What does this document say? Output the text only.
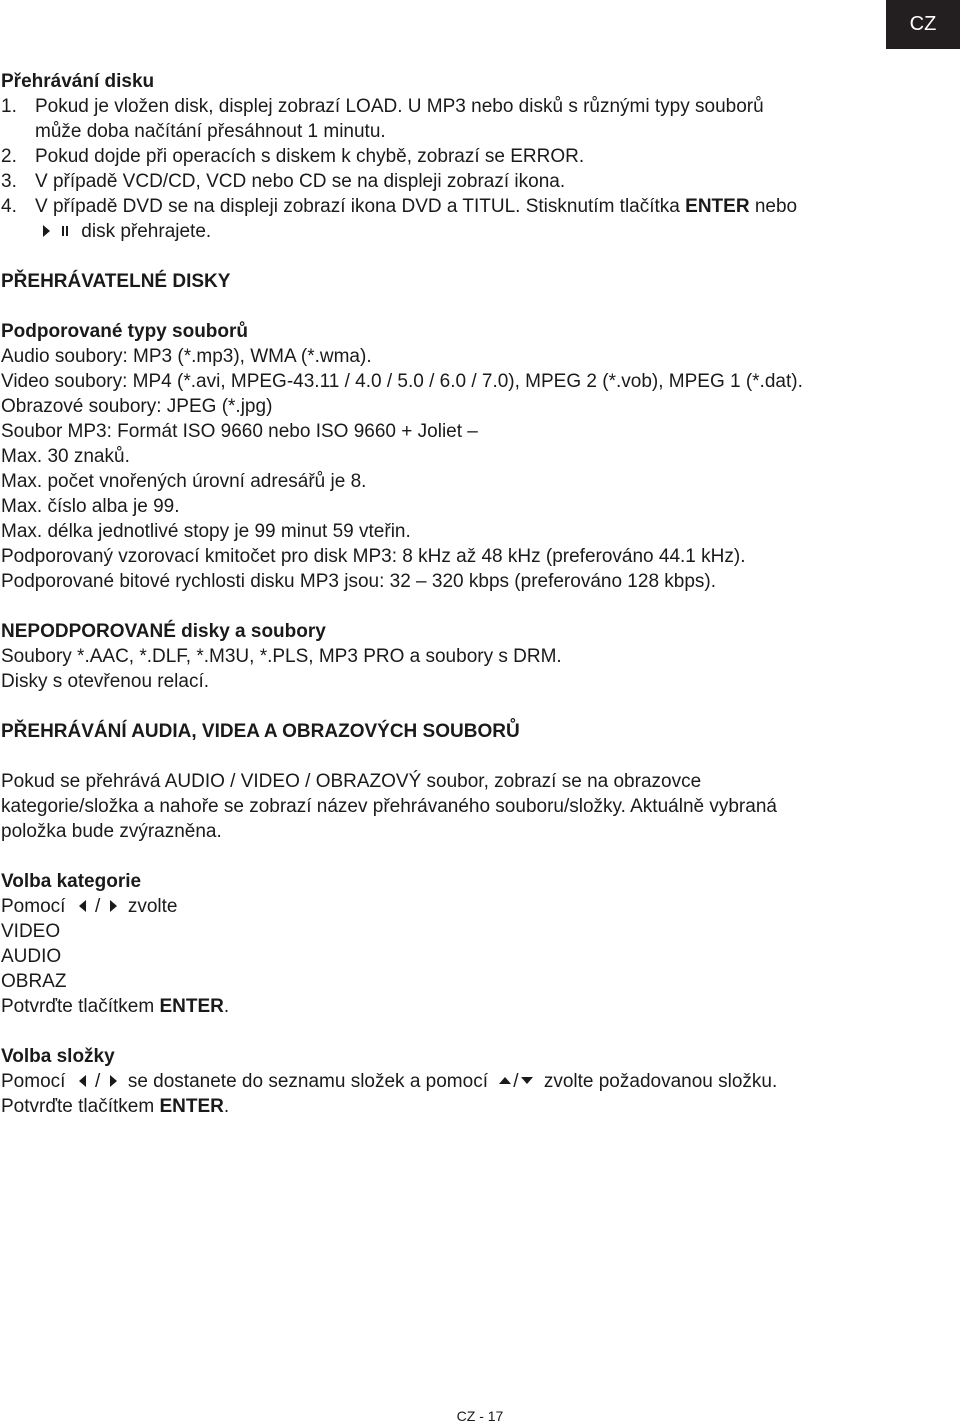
CZ
Přehrávání disku
1. Pokud je vložen disk, displej zobrazí LOAD. U MP3 nebo disků s různými typy souborů
může doba načítání přesáhnout 1 minutu.
2. Pokud dojde při operacích s diskem k chybě, zobrazí se ERROR.
3. V případě VCD/CD, VCD nebo CD se na displeji zobrazí ikona.
4. V případě DVD se na displeji zobrazí ikona DVD a TITUL. Stisknutím tlačítka ENTER nebo
disk přehrajete.
PŘEHRÁVATELNÉ DISKY
Podporované typy souborů
Audio soubory: MP3 (*.mp3), WMA (*.wma).
Video soubory: MP4 (*.avi, MPEG-43.11 / 4.0 / 5.0 / 6.0 / 7.0), MPEG 2 (*.vob), MPEG 1 (*.dat).
Obrazové soubory: JPEG (*.jpg)
Soubor MP3: Formát ISO 9660 nebo ISO 9660 + Joliet –
Max. 30 znaků.
Max. počet vnořených úrovní adresářů je 8.
Max. číslo alba je 99.
Max. délka jednotlivé stopy je 99 minut 59 vteřin.
Podporovaný vzorovací kmitočet pro disk MP3: 8 kHz až 48 kHz (preferováno 44.1 kHz).
Podporované bitové rychlosti disku MP3 jsou: 32 – 320 kbps (preferováno 128 kbps).
NEPODPOROVANÉ disky a soubory
Soubory *.AAC, *.DLF, *.M3U, *.PLS, MP3 PRO a soubory s DRM.
Disky s otevřenou relací.
PŘEHRÁVÁNÍ AUDIA, VIDEA A OBRAZOVÝCH SOUBORŮ
Pokud se přehrává AUDIO / VIDEO / OBRAZOVÝ soubor, zobrazí se na obrazovce
kategorie/složka a nahoře se zobrazí název přehrávaného souboru/složky. Aktuálně vybraná
položka bude zvýrazněna.
Volba kategorie
Pomocí / zvolte
VIDEO
AUDIO
OBRAZ
Potvrďte tlačítkem ENTER.
Volba složky
Pomocí / se dostanete do seznamu složek a pomocí / zvolte požadovanou složku.
Potvrďte tlačítkem ENTER.
CZ - 17
